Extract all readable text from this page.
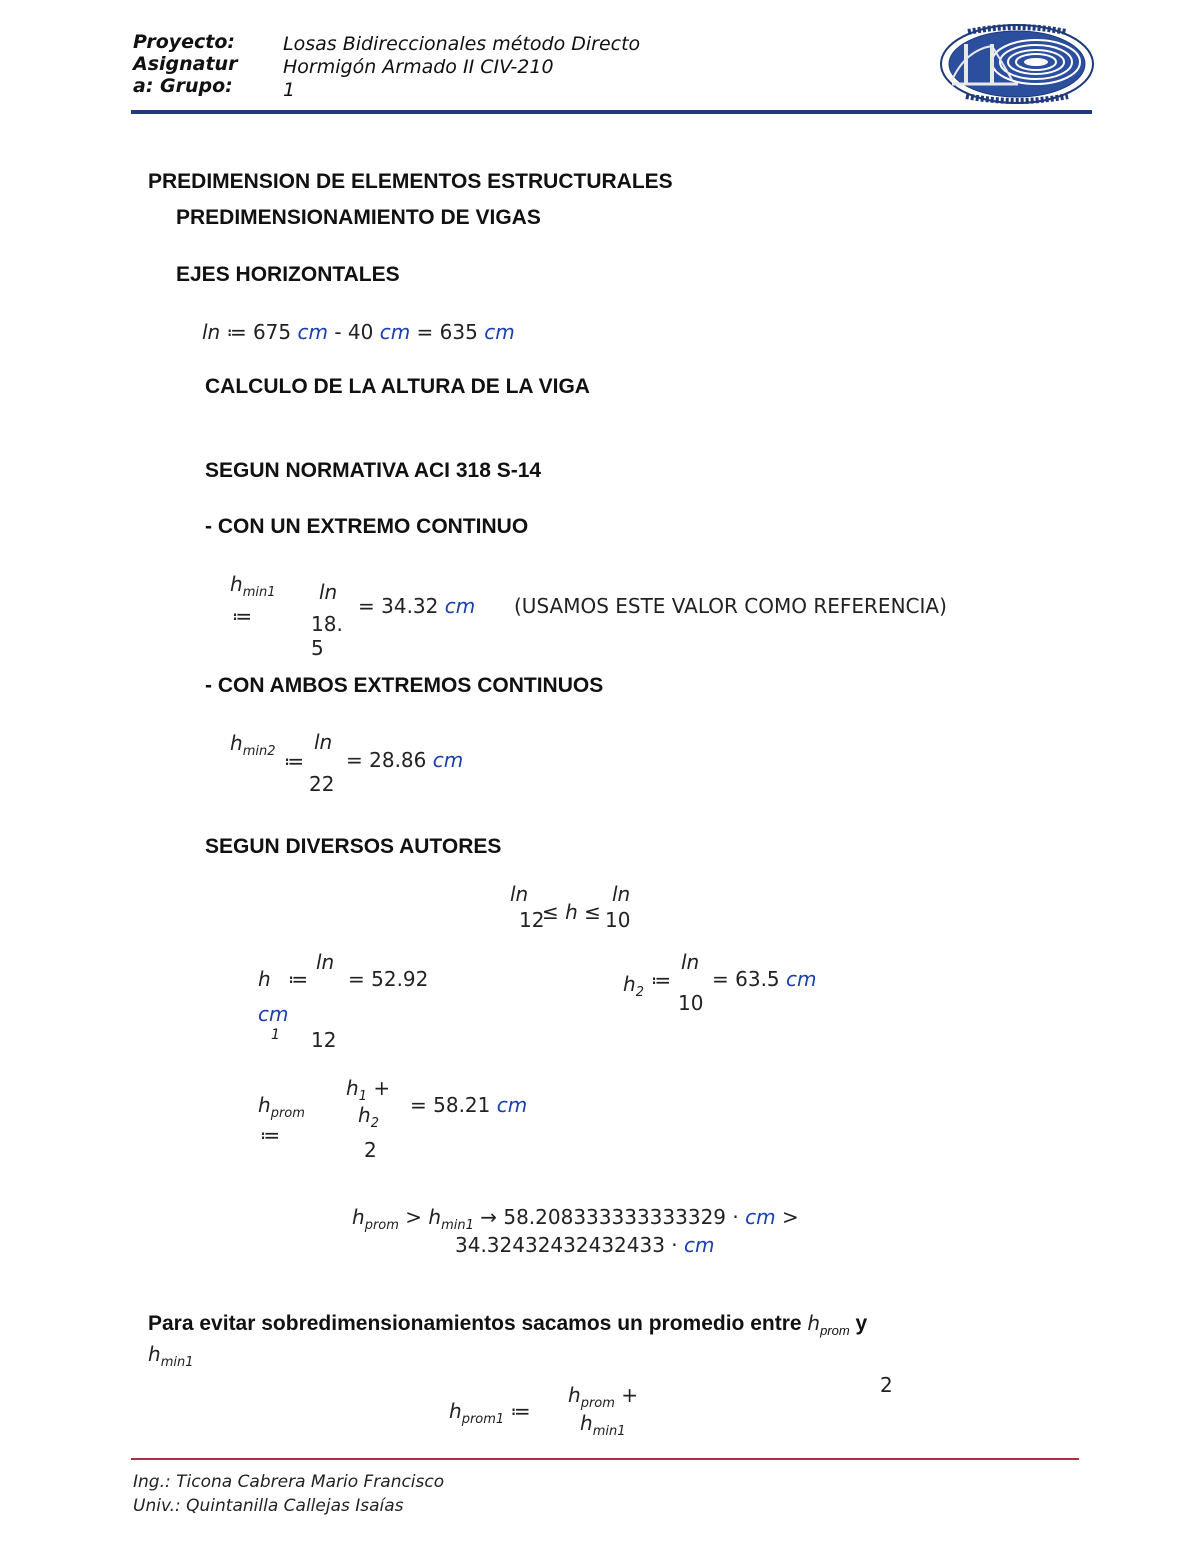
Proyecto:
Asignatur
a: Grupo:
Losas Bidireccionales método Directo
Hormigón Armado II CIV-210
1
PREDIMENSION DE ELEMENTOS ESTRUCTURALES
PREDIMENSIONAMIENTO DE VIGAS
EJES HORIZONTALES
ln ≔ 675 cm - 40 cm = 635 cm
CALCULO DE LA ALTURA DE LA VIGA
SEGUN NORMATIVA ACI 318 S-14
- CON UN EXTREMO CONTINUO
$h_{min1}$
≔
ln
18.
5
= 34.32 cm (USAMOS ESTE VALOR COMO REFERENCIA)
- CON AMBOS EXTREMOS CONTINUOS
$h_{min2}$ ≔
ln
22
= 28.86 cm
SEGUN DIVERSOS AUTORES
ln	ln
12
≤ h ≤ 10
h ≔
ln
= 52.92
cm
1 12
$h_2$
≔
ln
10
= 63.5 cm
$h_{prom}$
≔
$h_1$ +
$h_2$
2
= 58.21 cm
$h_{prom} > h_{min1} \to 58.208333333333329$ · cm >
34.32432432432433 · cm
Para evitar sobredimensionamientos sacamos un promedio entre $h_{prom}$ y
$h_{min1}$
$h_{prom1}$ ≔
$h_{prom}$ +
$h_{min1}$
2
Ing.: Ticona Cabrera Mario Francisco
Univ.: Quintanilla Callejas Isaías
